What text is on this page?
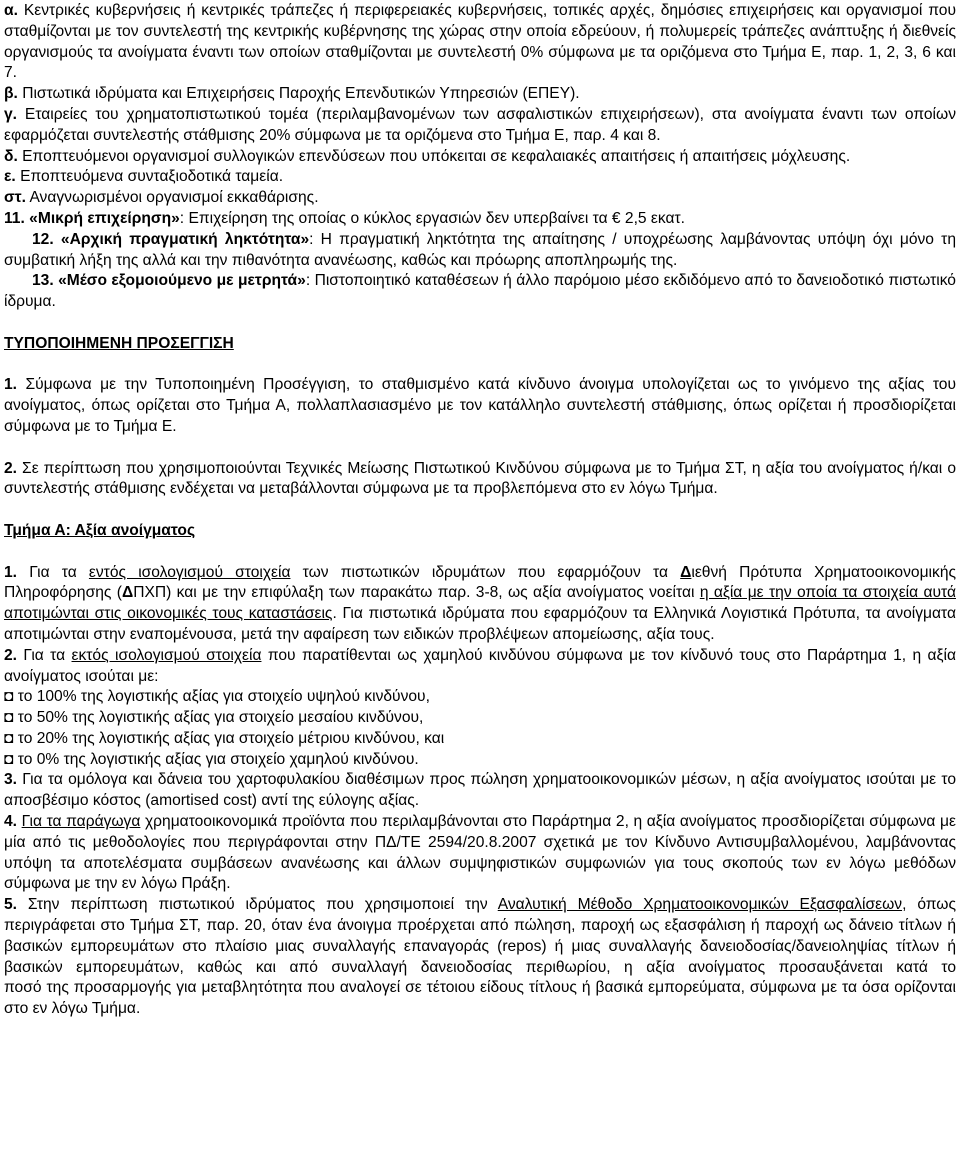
α. Κεντρικές κυβερνήσεις ή κεντρικές τράπεζες ή περιφερειακές κυβερνήσεις, τοπικές αρχές, δημόσιες επιχειρήσεις και οργανισμοί που σταθμίζονται με τον συντελεστή της κεντρικής κυβέρνησης της χώρας στην οποία εδρεύουν, ή πολυμερείς τράπεζες ανάπτυξης ή διεθνείς οργανισμούς τα ανοίγματα έναντι των οποίων σταθμίζονται με συντελεστή 0% σύμφωνα με τα οριζόμενα στο Τμήμα Ε, παρ. 1, 2, 3, 6 και 7.

β. Πιστωτικά ιδρύματα και Επιχειρήσεις Παροχής Επενδυτικών Υπηρεσιών (ΕΠΕΥ).

γ. Εταιρείες του χρηματοπιστωτικού τομέα (περιλαμβανομένων των ασφαλιστικών επιχειρήσεων), στα ανοίγματα έναντι των οποίων εφαρμόζεται συντελεστής στάθμισης 20% σύμφωνα με τα οριζόμενα στο Τμήμα Ε, παρ. 4 και 8.

δ. Εποπτευόμενοι οργανισμοί συλλογικών επενδύσεων που υπόκειται σε κεφαλαιακές απαιτήσεις ή απαιτήσεις μόχλευσης.

ε. Εποπτευόμενα συνταξιοδοτικά ταμεία.

στ. Αναγνωρισμένοι οργανισμοί εκκαθάρισης.

11. «Μικρή επιχείρηση»: Επιχείρηση της οποίας ο κύκλος εργασιών δεν υπερβαίνει τα € 2,5 εκατ.

12. «Αρχική πραγματική ληκτότητα»: Η πραγματική ληκτότητα της απαίτησης / υποχρέωσης λαμβάνοντας υπόψη όχι μόνο τη συμβατική λήξη της αλλά και την πιθανότητα ανανέωσης, καθώς και πρόωρης αποπληρωμής της.

13. «Μέσο εξομοιούμενο με μετρητά»: Πιστοποιητικό καταθέσεων ή άλλο παρόμοιο μέσο εκδιδόμενο από το δανειοδοτικό πιστωτικό ίδρυμα.

ΤΥΠΟΠΟΙΗΜΕΝΗ ΠΡΟΣΕΓΓΙΣΗ

1. Σύμφωνα με την Τυποποιημένη Προσέγγιση, το σταθμισμένο κατά κίνδυνο άνοιγμα υπολογίζεται ως το γινόμενο της αξίας του ανοίγματος, όπως ορίζεται στο Τμήμα Α, πολλαπλασιασμένο με τον κατάλληλο συντελεστή στάθμισης, όπως ορίζεται ή προσδιορίζεται σύμφωνα με το Τμήμα Ε.

2. Σε περίπτωση που χρησιμοποιούνται Τεχνικές Μείωσης Πιστωτικού Κινδύνου σύμφωνα με το Τμήμα ΣΤ, η αξία του ανοίγματος ή/και ο συντελεστής στάθμισης ενδέχεται να μεταβάλλονται σύμφωνα με τα προβλεπόμενα στο εν λόγω Τμήμα.

Τμήμα Α: Αξία ανοίγματος

1. Για τα εντός ισολογισμού στοιχεία των πιστωτικών ιδρυμάτων που εφαρμόζουν τα Διεθνή Πρότυπα Χρηματοοικονομικής Πληροφόρησης (ΔΠΧΠ) και με την επιφύλαξη των παρακάτω παρ. 3-8, ως αξία ανοίγματος νοείται η αξία με την οποία τα στοιχεία αυτά αποτιμώνται στις οικονομικές τους καταστάσεις. Για πιστωτικά ιδρύματα που εφαρμόζουν τα Ελληνικά Λογιστικά Πρότυπα, τα ανοίγματα αποτιμώνται στην εναπομένουσα, μετά την αφαίρεση των ειδικών προβλέψεων απομείωσης, αξία τους.

2. Για τα εκτός ισολογισμού στοιχεία που παρατίθενται ως χαμηλού κινδύνου σύμφωνα με τον κίνδυνό τους στο Παράρτημα 1, η αξία ανοίγματος ισούται με:

◘ το 100% της λογιστικής αξίας για στοιχείο υψηλού κινδύνου,

◘ το 50% της λογιστικής αξίας για στοιχείο μεσαίου κινδύνου,

◘ το 20% της λογιστικής αξίας για στοιχείο μέτριου κινδύνου, και

◘ το 0% της λογιστικής αξίας για στοιχείο χαμηλού κινδύνου.

3. Για τα ομόλογα και δάνεια του χαρτοφυλακίου διαθέσιμων προς πώληση χρηματοοικονομικών μέσων, η αξία ανοίγματος ισούται με το αποσβέσιμο κόστος (amortised cost) αντί της εύλογης αξίας.

4. Για τα παράγωγα χρηματοοικονομικά προϊόντα που περιλαμβάνονται στο Παράρτημα 2, η αξία ανοίγματος προσδιορίζεται σύμφωνα με μία από τις μεθοδολογίες που περιγράφονται στην ΠΔ/ΤΕ 2594/20.8.2007 σχετικά με τον Κίνδυνο Αντισυμβαλλομένου, λαμβάνοντας υπόψη τα αποτελέσματα συμβάσεων ανανέωσης και άλλων συμψηφιστικών συμφωνιών για τους σκοπούς των εν λόγω μεθόδων σύμφωνα με την εν λόγω Πράξη.

5. Στην περίπτωση πιστωτικού ιδρύματος που χρησιμοποιεί την Αναλυτική Μέθοδο Χρηματοοικονομικών Εξασφαλίσεων, όπως περιγράφεται στο Τμήμα ΣΤ, παρ. 20, όταν ένα άνοιγμα προέρχεται από πώληση, παροχή ως εξασφάλιση ή παροχή ως δάνειο τίτλων ή βασικών εμπορευμάτων στο πλαίσιο μιας συναλλαγής επαναγοράς (repos) ή μιας συναλλαγής δανειοδοσίας/δανειοληψίας τίτλων ή βασικών εμπορευμάτων, καθώς και από συναλλαγή δανειοδοσίας περιθωρίου, η αξία ανοίγματος προσαυξάνεται κατά το

ποσό της προσαρμογής για μεταβλητότητα που αναλογεί σε τέτοιου είδους τίτλους ή βασικά εμπορεύματα, σύμφωνα με τα όσα ορίζονται στο εν λόγω Τμήμα.
